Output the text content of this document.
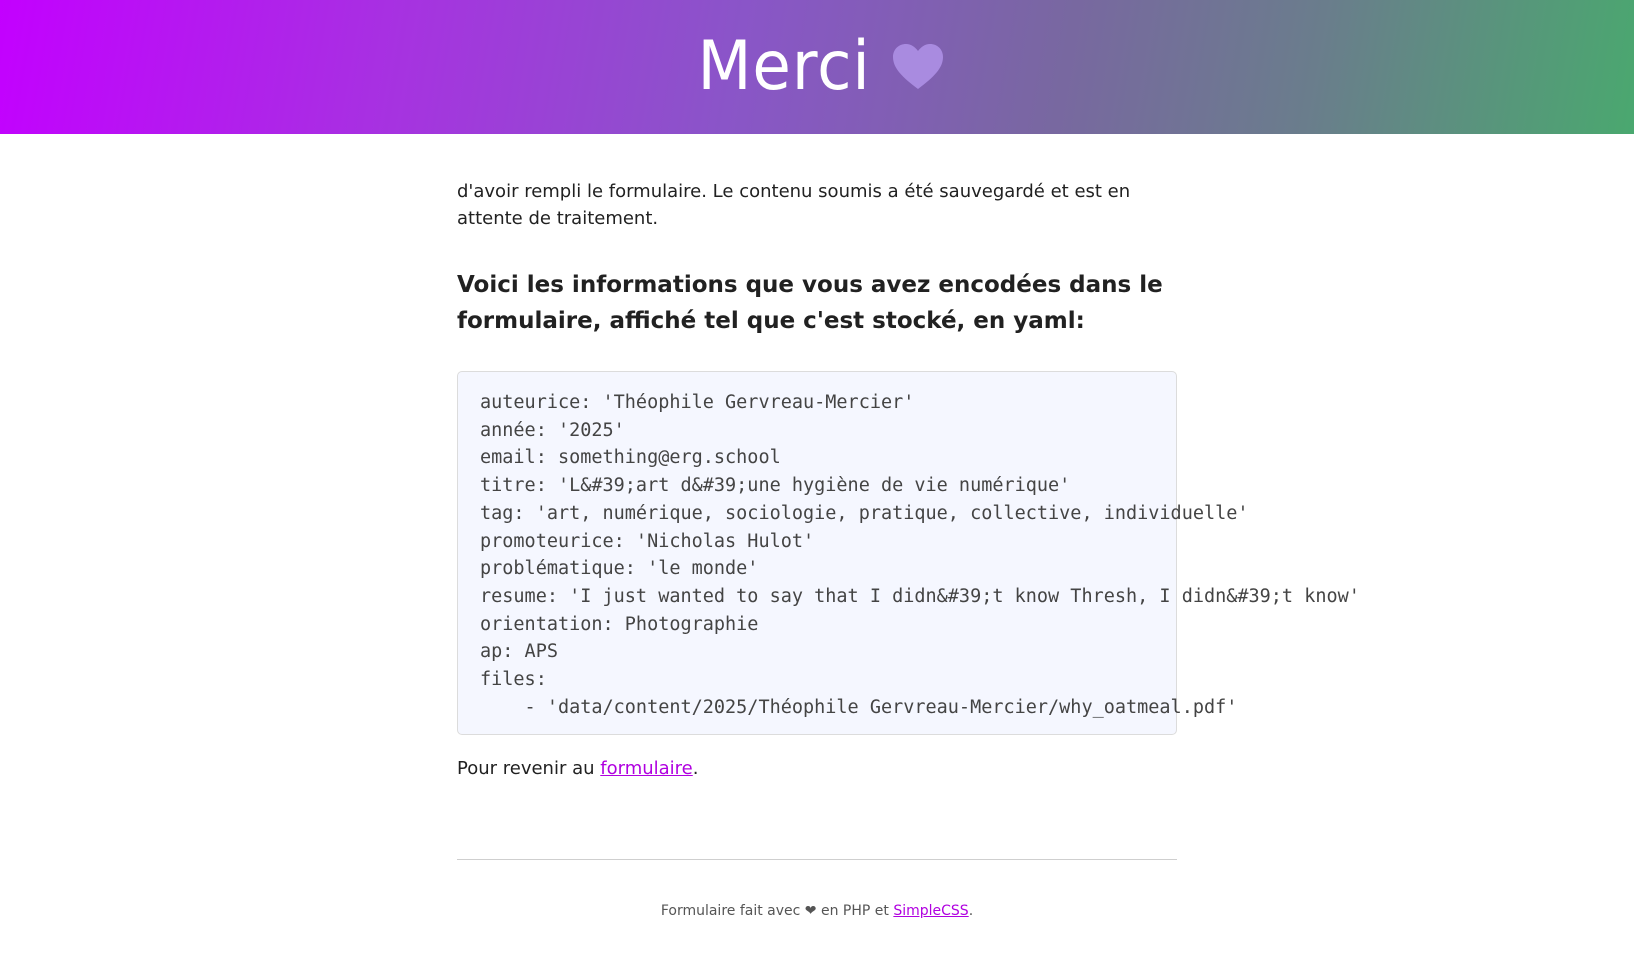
Merci

d'avoir rempli le formulaire. Le contenu soumis a été sauvegardé et est en attente de traitement.

Voici les informations que vous avez encodées dans le formulaire, affiché tel que c'est stocké, en yaml:
auteurice: 'Théophile Gervreau-Mercier'
année: '2025'
email: something@erg.school
titre: 'L&#39;art d&#39;une hygiène de vie numérique'
tag: 'art, numérique, sociologie, pratique, collective, individuelle'
promoteurice: 'Nicholas Hulot'
problématique: 'le monde'
resume: 'I just wanted to say that I didn&#39;t know Thresh, I didn&#39;t know'
orientation: Photographie
ap: APS
files:
- 'data/content/2025/Théophile Gervreau-Mercier/why_oatmeal.pdf'

Pour revenir au formulaire.

Formulaire fait avec ❤ en PHP et SimpleCSS.
